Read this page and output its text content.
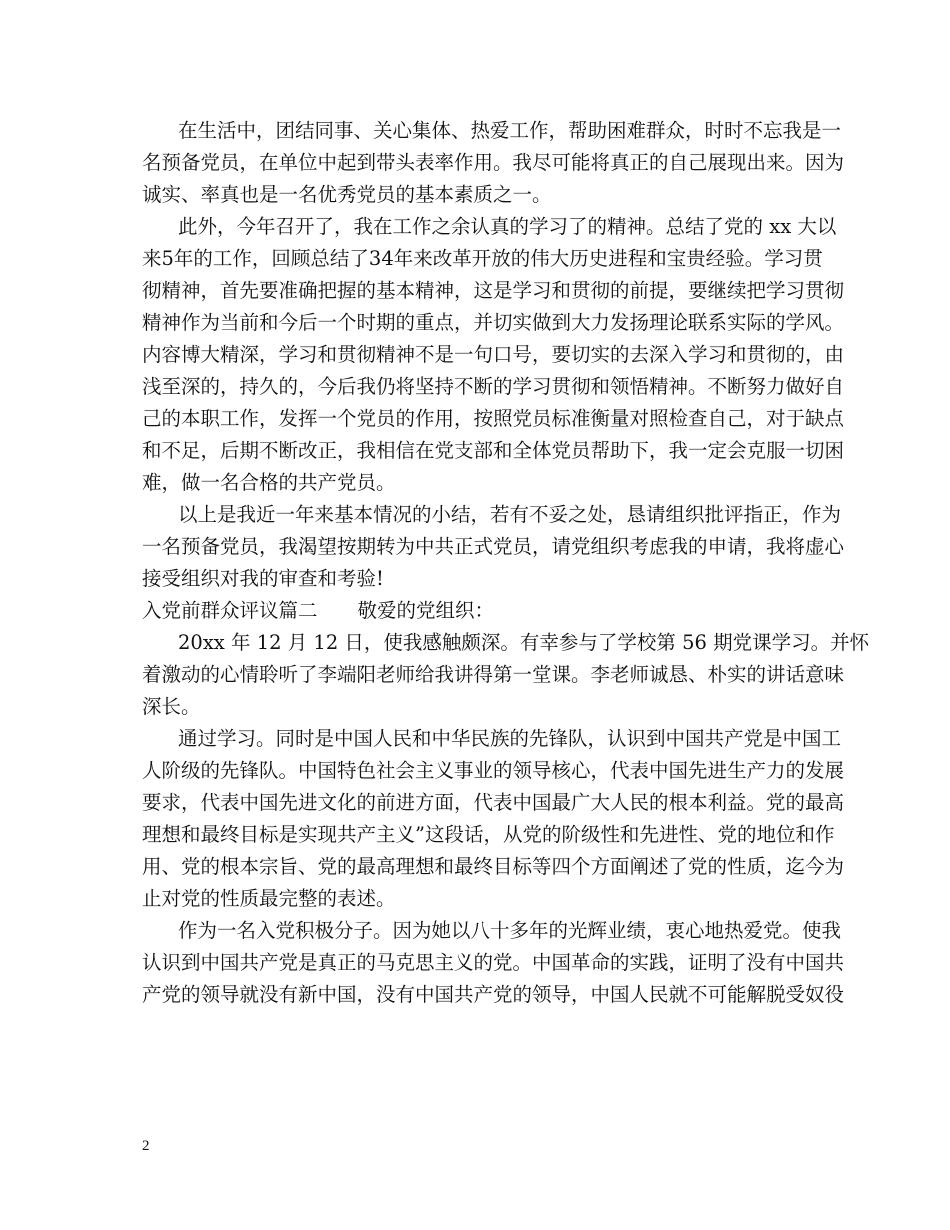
在生活中，团结同事、关心集体、热爱工作，帮助困难群众，时时不忘我是一
名预备党员，在单位中起到带头表率作用。我尽可能将真正的自己展现出来。因为
诚实、率真也是一名优秀党员的基本素质之一。
此外，今年召开了，我在工作之余认真的学习了的精神。总结了党的 xx 大以
来5年的工作，回顾总结了34年来改革开放的伟大历史进程和宝贵经验。学习贯
彻精神，首先要准确把握的基本精神，这是学习和贯彻的前提，要继续把学习贯彻
精神作为当前和今后一个时期的重点，并切实做到大力发扬理论联系实际的学风。
内容博大精深，学习和贯彻精神不是一句口号，要切实的去深入学习和贯彻的，由
浅至深的，持久的，今后我仍将坚持不断的学习贯彻和领悟精神。不断努力做好自
己的本职工作，发挥一个党员的作用，按照党员标准衡量对照检查自己，对于缺点
和不足，后期不断改正，我相信在党支部和全体党员帮助下，我一定会克服一切困
难，做一名合格的共产党员。
以上是我近一年来基本情况的小结，若有不妥之处，恳请组织批评指正，作为
一名预备党员，我渴望按期转为中共正式党员，请党组织考虑我的申请，我将虚心
接受组织对我的审查和考验!
入党前群众评议篇二 敬爱的党组织：
20xx 年 12 月 12 日，使我感触颇深。有幸参与了学校第 56 期党课学习。并怀
着激动的心情聆听了李端阳老师给我讲得第一堂课。李老师诚恳、朴实的讲话意味
深长。
通过学习。同时是中国人民和中华民族的先锋队，认识到中国共产党是中国工
人阶级的先锋队。中国特色社会主义事业的领导核心，代表中国先进生产力的发展
要求，代表中国先进文化的前进方面，代表中国最广大人民的根本利益。党的最高
理想和最终目标是实现共产主义”这段话，从党的阶级性和先进性、党的地位和作
用、党的根本宗旨、党的最高理想和最终目标等四个方面阐述了党的性质，迄今为
止对党的性质最完整的表述。
作为一名入党积极分子。因为她以八十多年的光辉业绩，衷心地热爱党。使我
认识到中国共产党是真正的马克思主义的党。中国革命的实践，证明了没有中国共
产党的领导就没有新中国，没有中国共产党的领导，中国人民就不可能解脱受奴役
2
